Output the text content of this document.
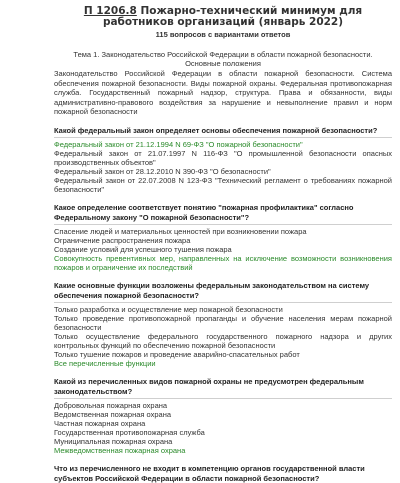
П 1206.8 Пожарно-технический минимум для работников организаций (январь 2022)
115 вопросов с вариантами ответов
Тема 1. Законодательство Российской Федерации в области пожарной безопасности.
Основные положения
Законодательство Российской Федерации в области пожарной безопасности. Система обеспечения пожарной безопасности. Виды пожарной охраны. Федеральная противопожарная служба. Государственный пожарный надзор, структура. Права и обязанности, виды административно-правового воздействия за нарушение и невыполнение правил и норм пожарной безопасности
Какой федеральный закон определяет основы обеспечения пожарной безопасности?
Федеральный закон от 21.12.1994 N 69-ФЗ "О пожарной безопасности"
Федеральный закон от 21.07.1997 N 116-ФЗ "О промышленной безопасности опасных производственных объектов"
Федеральный закон от 28.12.2010 N 390-ФЗ "О безопасности"
Федеральный закон от 22.07.2008 N 123-ФЗ "Технический регламент о требованиях пожарной безопасности"
Какое определение соответствует понятию "пожарная профилактика" согласно Федеральному закону "О пожарной безопасности"?
Спасение людей и материальных ценностей при возникновении пожара
Ограничение распространения пожара
Создание условий для успешного тушения пожара
Совокупность превентивных мер, направленных на исключение возможности возникновения пожаров и ограничение их последствий
Какие основные функции возложены федеральным законодательством на систему обеспечения пожарной безопасности?
Только разработка и осуществление мер пожарной безопасности
Только проведение противопожарной пропаганды и обучение населения мерам пожарной безопасности
Только осуществление федерального государственного пожарного надзора и других контрольных функций по обеспечению пожарной безопасности
Только тушение пожаров и проведение аварийно-спасательных работ
Все перечисленные функции
Какой из перечисленных видов пожарной охраны не предусмотрен федеральным законодательством?
Добровольная пожарная охрана
Ведомственная пожарная охрана
Частная пожарная охрана
Государственная противопожарная служба
Муниципальная пожарная охрана
Межведомственная пожарная охрана
Что из перечисленного не входит в компетенцию органов государственной власти субъектов Российской Федерации в области пожарной безопасности?
